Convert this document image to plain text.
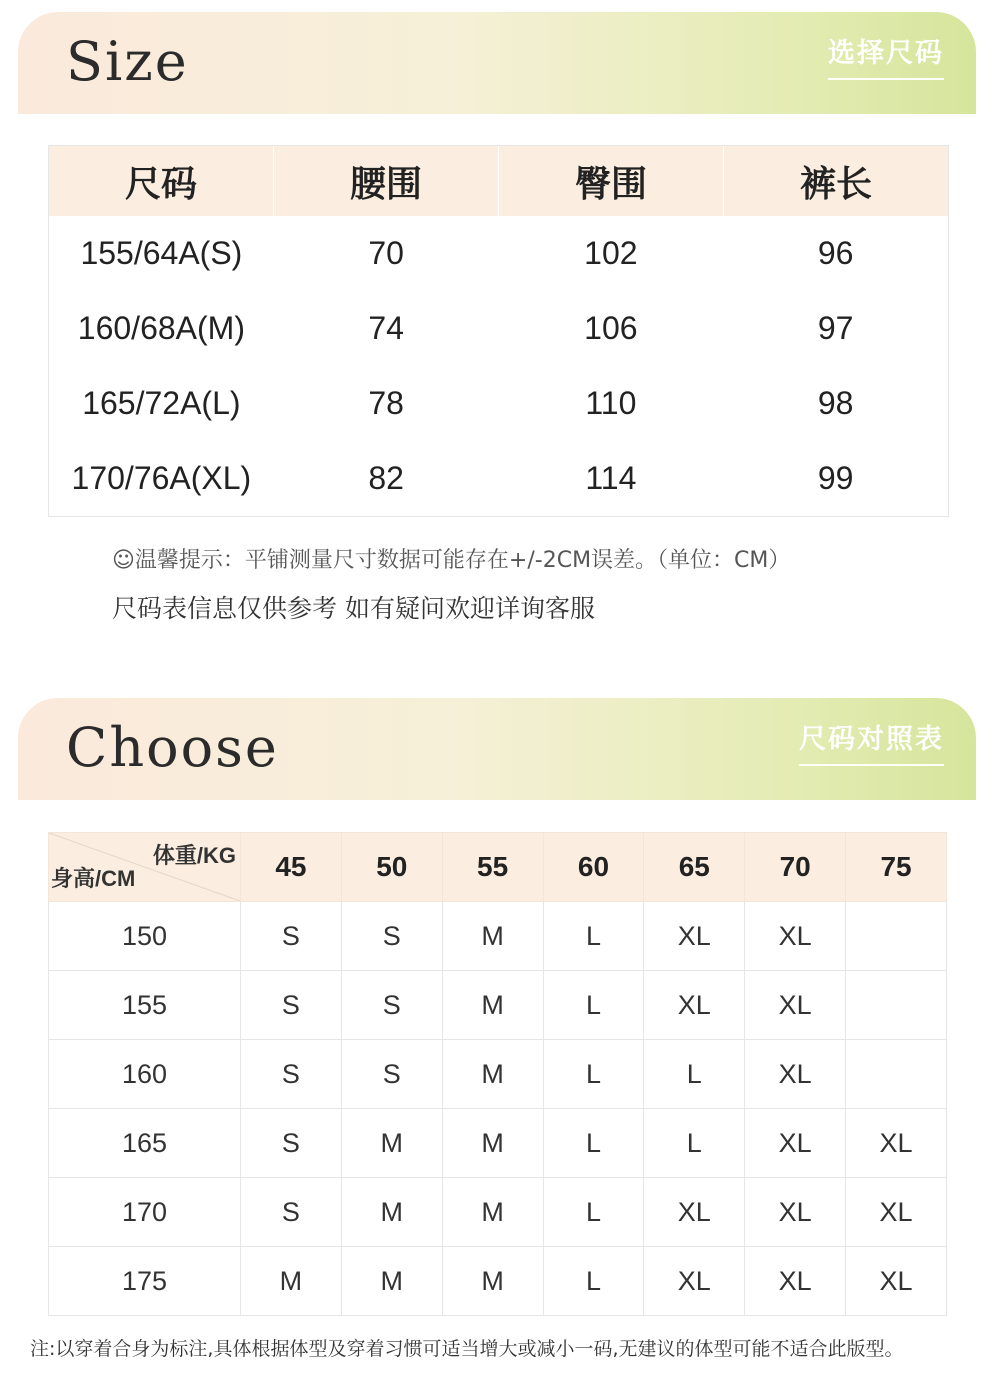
Size	选择尺码
尺码	腰围	臀围	裤长
155/64A(S)	70	102	96
160/68A(M)	74	106	97
165/72A(L)	78	110	98
170/76A(XL)	82	114	99
☺温馨提示：平铺测量尺寸数据可能存在+/-2CM误差。（单位：CM）
尺码表信息仅供参考 如有疑问欢迎详询客服
Choose	尺码对照表
体重/KG
身高/CM	45	50	55	60	65	70	75
150	S	S	M	L	XL	XL	
155	S	S	M	L	XL	XL	
160	S	S	M	L	L	XL	
165	S	M	M	L	L	XL	XL
170	S	M	M	L	XL	XL	XL
175	M	M	M	L	XL	XL	XL
注:以穿着合身为标注,具体根据体型及穿着习惯可适当增大或减小一码,无建议的体型可能不适合此版型。
